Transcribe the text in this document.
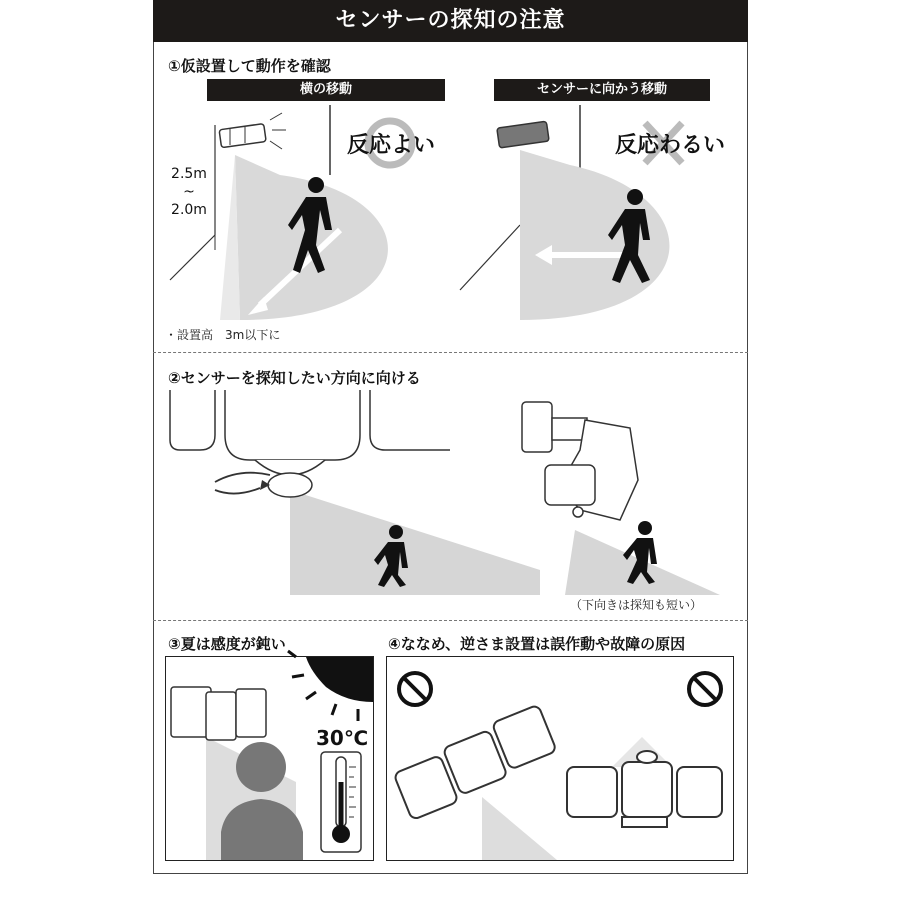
センサーの探知の注意
①仮設置して動作を確認
横の移動	センサーに向かう移動
反応よい
2.5m
~
2.0m
・設置高　3m以下に
反応わるい
②センサーを探知したい方向に向ける
（下向きは探知も短い）
③夏は感度が鈍い
30℃
④ななめ、逆さま設置は誤作動や故障の原因
